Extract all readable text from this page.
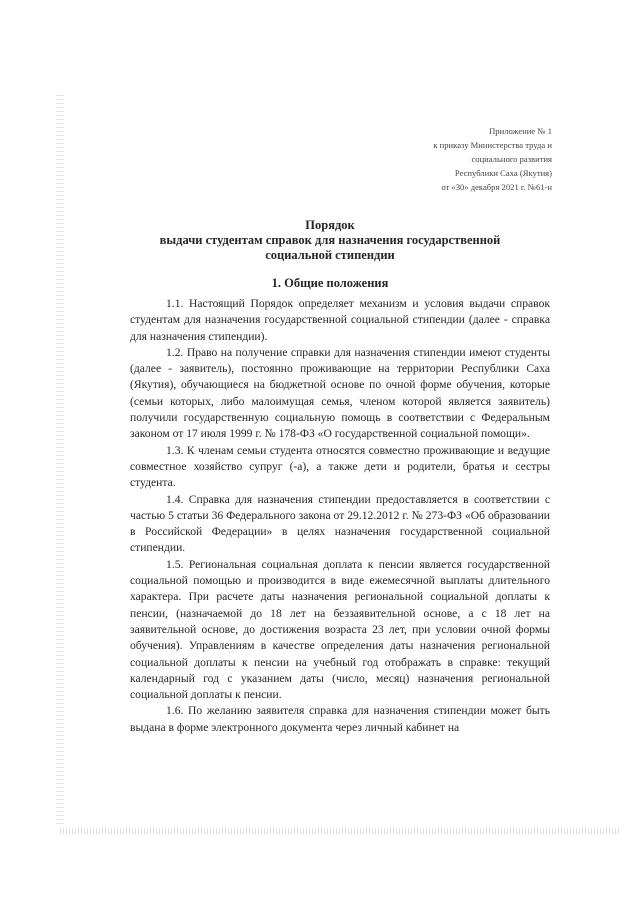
Приложение № 1
к приказу Министерства труда и
социального развития
Республики Саха (Якутия)
от «30» декабря 2021 г. №61-н
Порядок
выдачи студентам справок для назначения государственной
социальной стипендии
1. Общие положения

1.1. Настоящий Порядок определяет механизм и условия выдачи справок студентам для назначения государственной социальной стипендии (далее - справка для назначения стипендии).

1.2. Право на получение справки для назначения стипендии имеют студенты (далее - заявитель), постоянно проживающие на территории Республики Саха (Якутия), обучающиеся на бюджетной основе по очной форме обучения, которые (семьи которых, либо малоимущая семья, членом которой является заявитель) получили государственную социальную помощь в соответствии с Федеральным законом от 17 июля 1999 г. № 178-ФЗ «О государственной социальной помощи».

1.3. К членам семьи студента относятся совместно проживающие и ведущие совместное хозяйство супруг (-а), а также дети и родители, братья и сестры студента.

1.4. Справка для назначения стипендии предоставляется в соответствии с частью 5 статьи 36 Федерального закона от 29.12.2012 г. № 273-ФЗ «Об образовании в Российской Федерации» в целях назначения государственной социальной стипендии.

1.5. Региональная социальная доплата к пенсии является государственной социальной помощью и производится в виде ежемесячной выплаты длительного характера. При расчете даты назначения региональной социальной доплаты к пенсии, (назначаемой до 18 лет на беззаявительной основе, а с 18 лет на заявительной основе, до достижения возраста 23 лет, при условии очной формы обучения). Управлениям в качестве определения даты назначения региональной социальной доплаты к пенсии на учебный год отображать в справке: текущий календарный год с указанием даты (число, месяц) назначения региональной социальной доплаты к пенсии.

1.6. По желанию заявителя справка для назначения стипендии может быть выдана в форме электронного документа через личный кабинет на
